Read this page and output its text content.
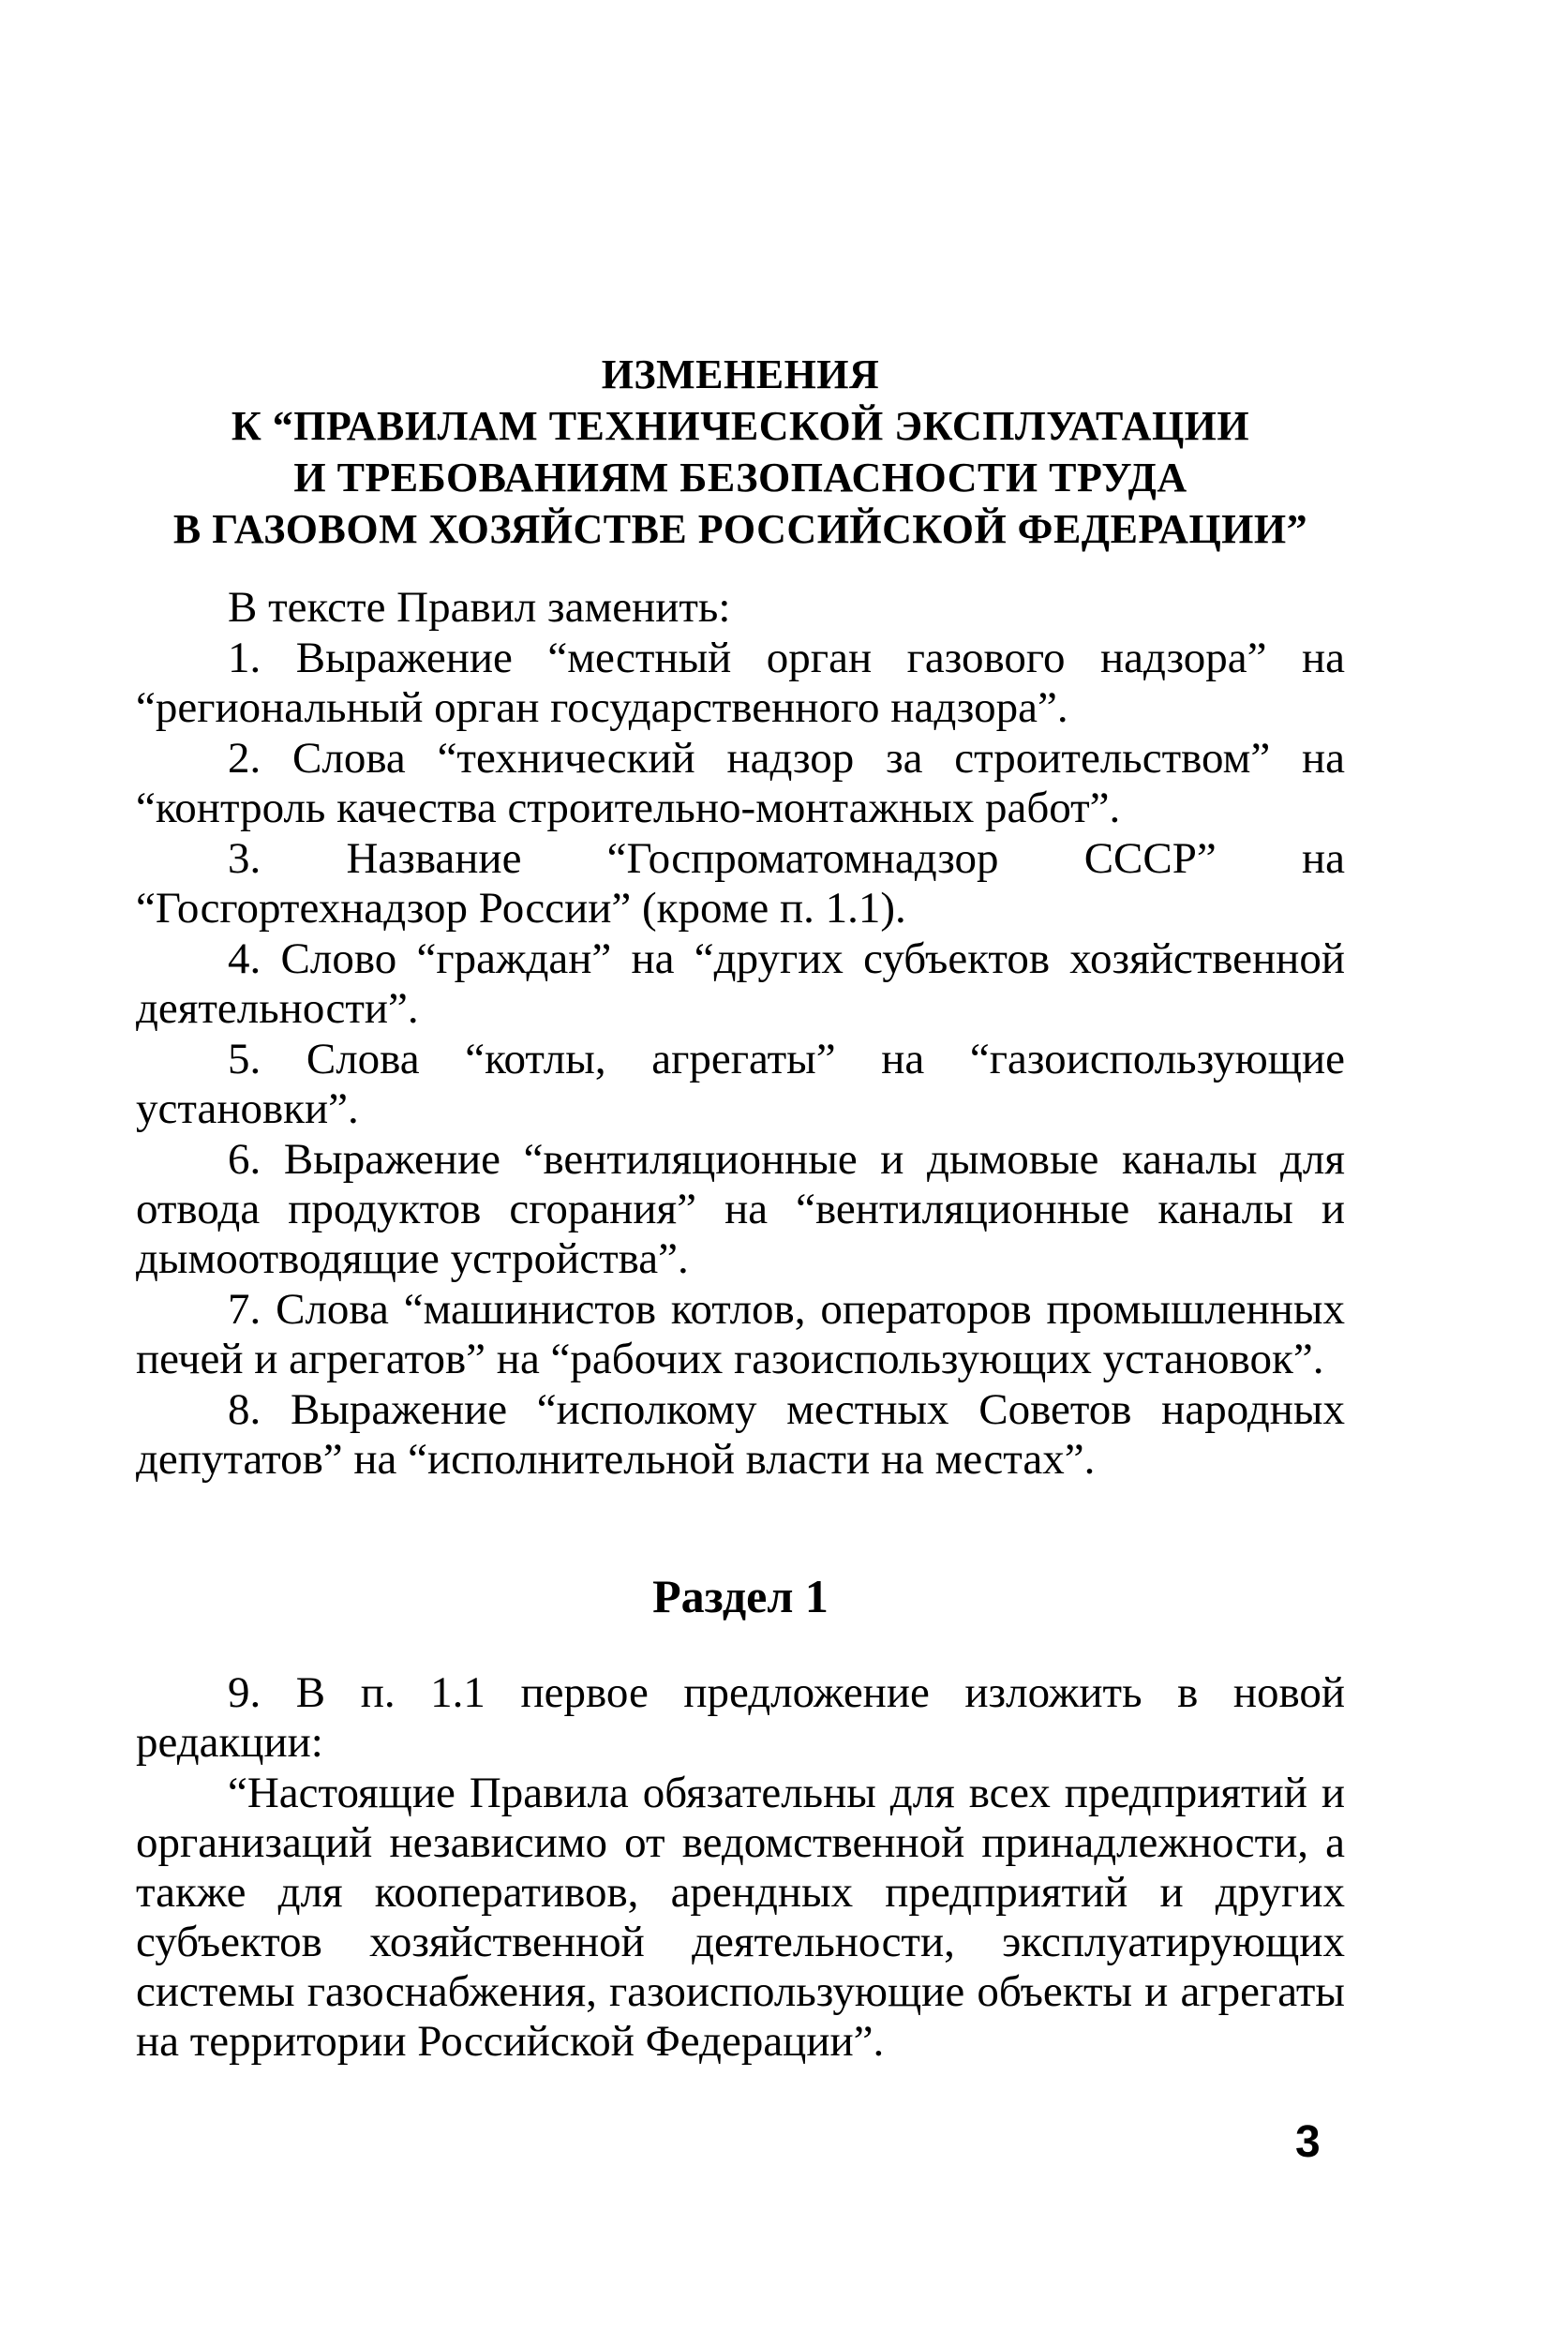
ИЗМЕНЕНИЯ
К “ПРАВИЛАМ ТЕХНИЧЕСКОЙ ЭКСПЛУАТАЦИИ
И ТРЕБОВАНИЯМ БЕЗОПАСНОСТИ ТРУДА
В ГАЗОВОМ ХОЗЯЙСТВЕ РОССИЙСКОЙ ФЕДЕРАЦИИ”

В тексте Правил заменить:

1. Выражение “местный орган газового надзора” на “региональный орган государственного надзора”.

2. Слова “технический надзор за строительством” на “контроль качества строительно-монтажных работ”.

3. Название “Госпроматомнадзор СССР” на “Госгортехнадзор России” (кроме п. 1.1).

4. Слово “граждан” на “других субъектов хозяйственной деятельности”.

5. Слова “котлы, агрегаты” на “газоиспользующие установки”.

6. Выражение “вентиляционные и дымовые каналы для отвода продуктов сгорания” на “вентиляционные каналы и дымоотводящие устройства”.

7. Слова “машинистов котлов, операторов промышленных печей и агрегатов” на “рабочих газоиспользующих установок”.

8. Выражение “исполкому местных Советов народных депутатов” на “исполнительной власти на местах”.

Раздел 1

9. В п. 1.1 первое предложение изложить в новой редакции:

“Настоящие Правила обязательны для всех предприятий и организаций независимо от ведомственной принадлежности, а также для кооперативов, арендных предприятий и других субъектов хозяйственной деятельности, эксплуатирующих системы газоснабжения, газоиспользующие объекты и агрегаты на территории Российской Федерации”.

3
